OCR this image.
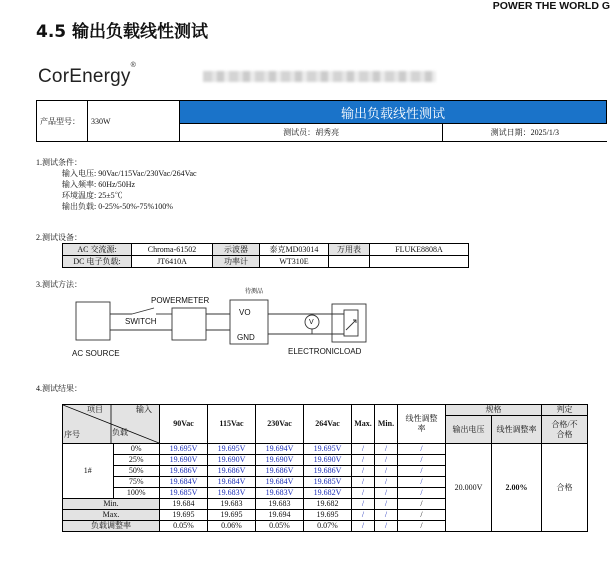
POWER THE WORLD G
4.5 输出负载线性测试
CorEnergy®
产品型号：	330W	输出负载线性测试	
		测试员：胡秀亮	测试日期：2025/1/3
1.测试条件：
输入电压: 90Vac/115Vac/230Vac/264Vac
输入频率: 60Hz/50Hz
环境温度: 25±5℃
输出负载: 0-25%-50%-75%100%
2.测试设备：
AC 交流源:	Chroma-61502	示波器	泰克MD03014	万用表	FLUKE8808A
DC 电子负载:	JT6410A	功率计	WT310E		
3.测试方法：
POWERMETER
SWITCH
待测品
VO
GND
V
AC SOURCE	ELECTRONICLOAD
4.测试结果：
	90Vac	115Vac	230Vac	264Vac	Max.	Min.	线性调整率	规格		判定
									输出电压	线性调整率	合格/不合格

1#	0%	19.695V	19.695V	19.694V	19.695V	/	/	/	20.000V	2.00%	合格
	25%	19.690V	19.690V	19.690V	19.690V	/	/	/			
	50%	19.686V	19.686V	19.686V	19.686V	/	/	/			
	75%	19.684V	19.684V	19.684V	19.685V	/	/	/			
	100%	19.685V	19.683V	19.683V	19.682V	/	/	/			
Min.		19.684	19.683	19.683	19.682	/	/	/			
Max.		19.695	19.695	19.694	19.695	/	/	/			
负载调整率		0.05%	0.06%	0.05%	0.07%	/	/	/			
项目	输入
序号	负载
